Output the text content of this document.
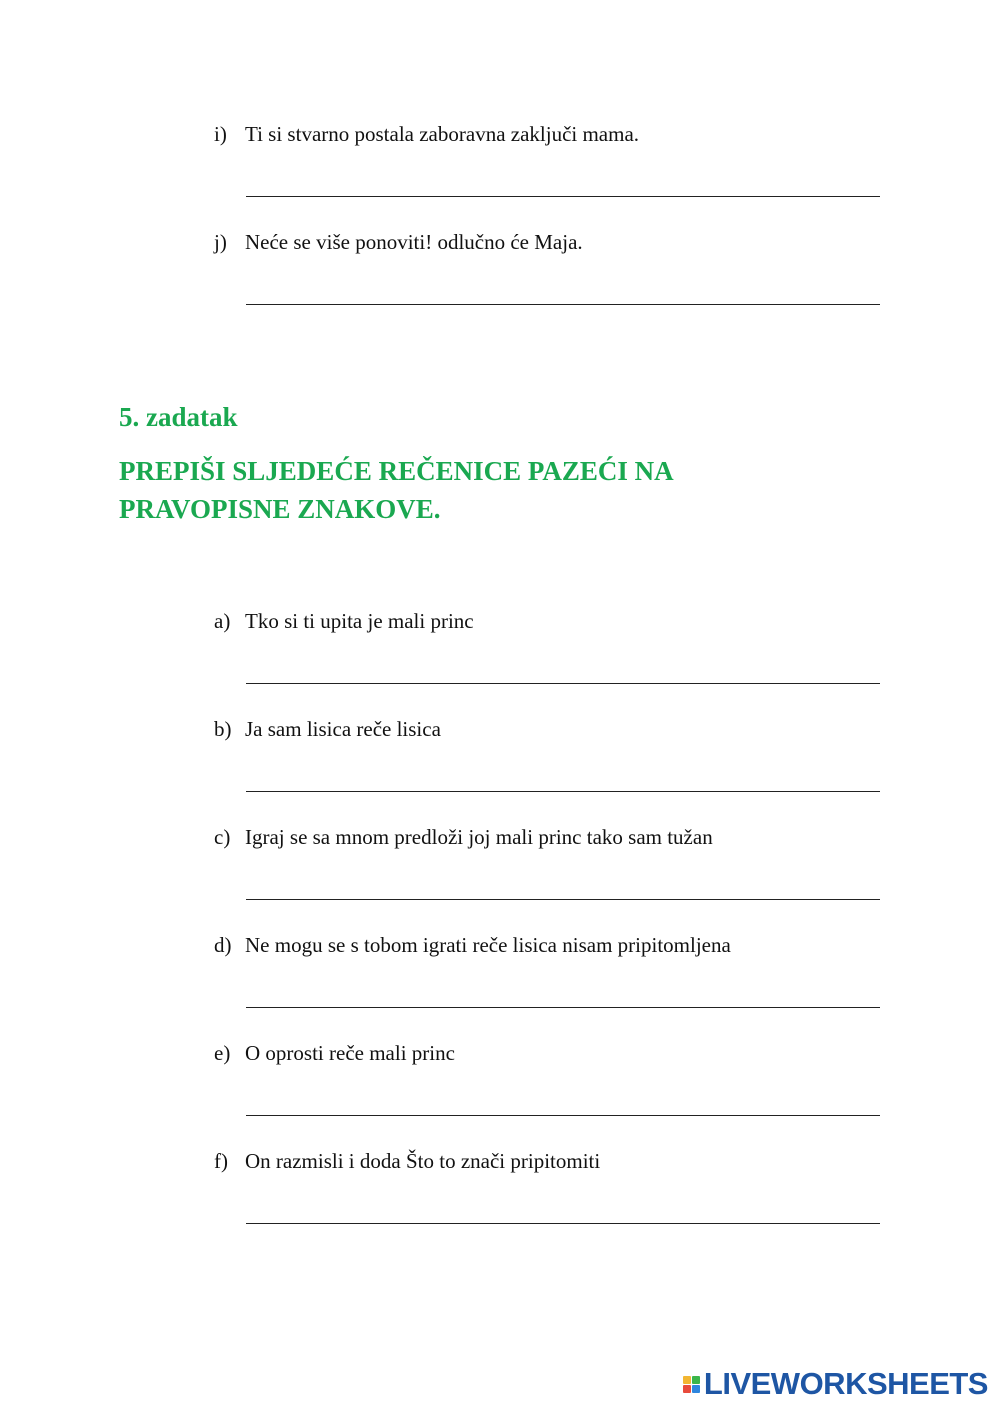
i) Ti si stvarno postala zaboravna zaključi mama.
j) Neće se više ponoviti! odlučno će Maja.
5. zadatak
PREPIŠI SLJEDEĆE REČENICE PAZEĆI NA
PRAVOPISNE ZNAKOVE.
a) Tko si ti upita je mali princ
b) Ja sam lisica reče lisica
c) Igraj se sa mnom predloži joj mali princ tako sam tužan
d) Ne mogu se s tobom igrati reče lisica nisam pripitomljena
e) O oprosti reče mali princ
f) On razmisli i doda Što to znači pripitomiti
LIVEWORKSHEETS
